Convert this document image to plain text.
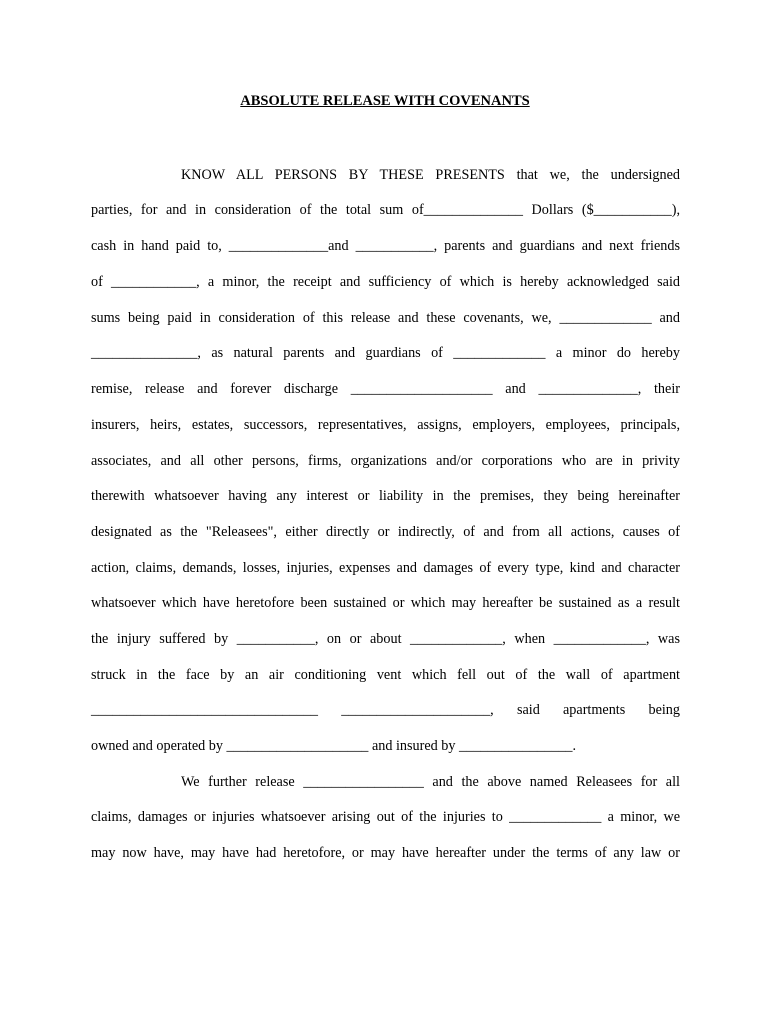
ABSOLUTE RELEASE WITH COVENANTS
KNOW ALL PERSONS BY THESE PRESENTS that we, the undersigned
parties, for and in consideration of the total sum of______________ Dollars ($___________),
cash in hand paid to, ______________and ___________, parents and guardians and next friends
of ____________, a minor, the receipt and sufficiency of which is hereby acknowledged said
sums being paid in consideration of this release and these covenants, we, _____________ and
_______________, as natural parents and guardians of _____________ a minor do hereby
remise, release and forever discharge ____________________ and ______________, their
insurers, heirs, estates, successors, representatives, assigns, employers, employees, principals,
associates, and all other persons, firms, organizations and/or corporations who are in privity
therewith whatsoever having any interest or liability in the premises, they being hereinafter
designated as the "Releasees", either directly or indirectly, of and from all actions, causes of
action, claims, demands, losses, injuries, expenses and damages of every type, kind and character
whatsoever which have heretofore been sustained or which may hereafter be sustained as a result
the injury suffered by ___________, on or about _____________, when _____________, was
struck in the face by an air conditioning vent which fell out of the wall of apartment
________________________________ _____________________, said apartments being
owned and operated by ____________________ and insured by ________________.
We further release _________________ and the above named Releasees for all
claims, damages or injuries whatsoever arising out of the injuries to _____________ a minor, we
may now have, may have had heretofore, or may have hereafter under the terms of any law or
